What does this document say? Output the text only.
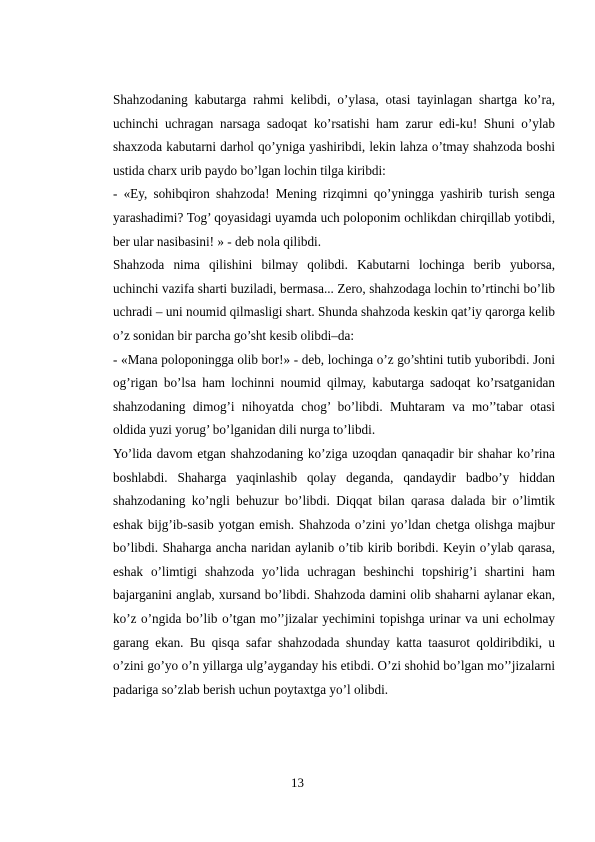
Shahzodaning kabutarga rahmi kelibdi, o’ylasa, otasi tayinlagan shartga ko’ra, uchinchi uchragan narsaga sadoqat ko’rsatishi ham zarur edi-ku! Shuni o’ylab shaxzoda kabutarni darhol qo’yniga yashiribdi, lekin lahza o’tmay shahzoda boshi ustida charx urib paydo bo’lgan lochin tilga kiribdi:

- «Ey, sohibqiron shahzoda! Mening rizqimni qo’yningga yashirib turish senga yarashadimi? Tog’ qoyasidagi uyamda uch poloponim ochlikdan chirqillab yotibdi, ber ular nasibasini! » - deb nola qilibdi.

Shahzoda nima qilishini bilmay qolibdi. Kabutarni lochinga berib yuborsa, uchinchi vazifa sharti buziladi, bermasa... Zero, shahzodaga lochin to’rtinchi bo’lib uchradi – uni noumid qilmasligi shart. Shunda shahzoda keskin qat’iy qarorga kelib o’z sonidan bir parcha go’sht kesib olibdi–da:

- «Mana poloponingga olib bor!» - deb, lochinga o’z go’shtini tutib yuboribdi. Joni og’rigan bo’lsa ham lochinni noumid qilmay, kabutarga sadoqat ko’rsatganidan shahzodaning dimog’i nihoyatda chog’ bo’libdi. Muhtaram va mo’’tabar otasi oldida yuzi yorug’ bo’lganidan dili nurga to’libdi.

Yo’lida davom etgan shahzodaning ko’ziga uzoqdan qanaqadir bir shahar ko’rina boshlabdi. Shaharga yaqinlashib qolay deganda, qandaydir badbo’y hiddan shahzodaning ko’ngli behuzur bo’libdi. Diqqat bilan qarasa dalada bir o’limtik eshak bijg’ib-sasib yotgan emish. Shahzoda o’zini yo’ldan chetga olishga majbur bo’libdi. Shaharga ancha naridan aylanib o’tib kirib boribdi. Keyin o’ylab qarasa, eshak o’limtigi shahzoda yo’lida uchragan beshinchi topshirig’i shartini ham bajarganini anglab, xursand bo’libdi. Shahzoda damini olib shaharni aylanar ekan, ko’z o’ngida bo’lib o’tgan mo’’jizalar yechimini topishga urinar va uni echolmay garang ekan. Bu qisqa safar shahzodada shunday katta taasurot qoldiribdiki, u o’zini go’yo o’n yillarga ulg’ayganday his etibdi. O’zi shohid bo’lgan mo’’jizalarni padariga so’zlab berish uchun poytaxtga yo’l olibdi.

13
